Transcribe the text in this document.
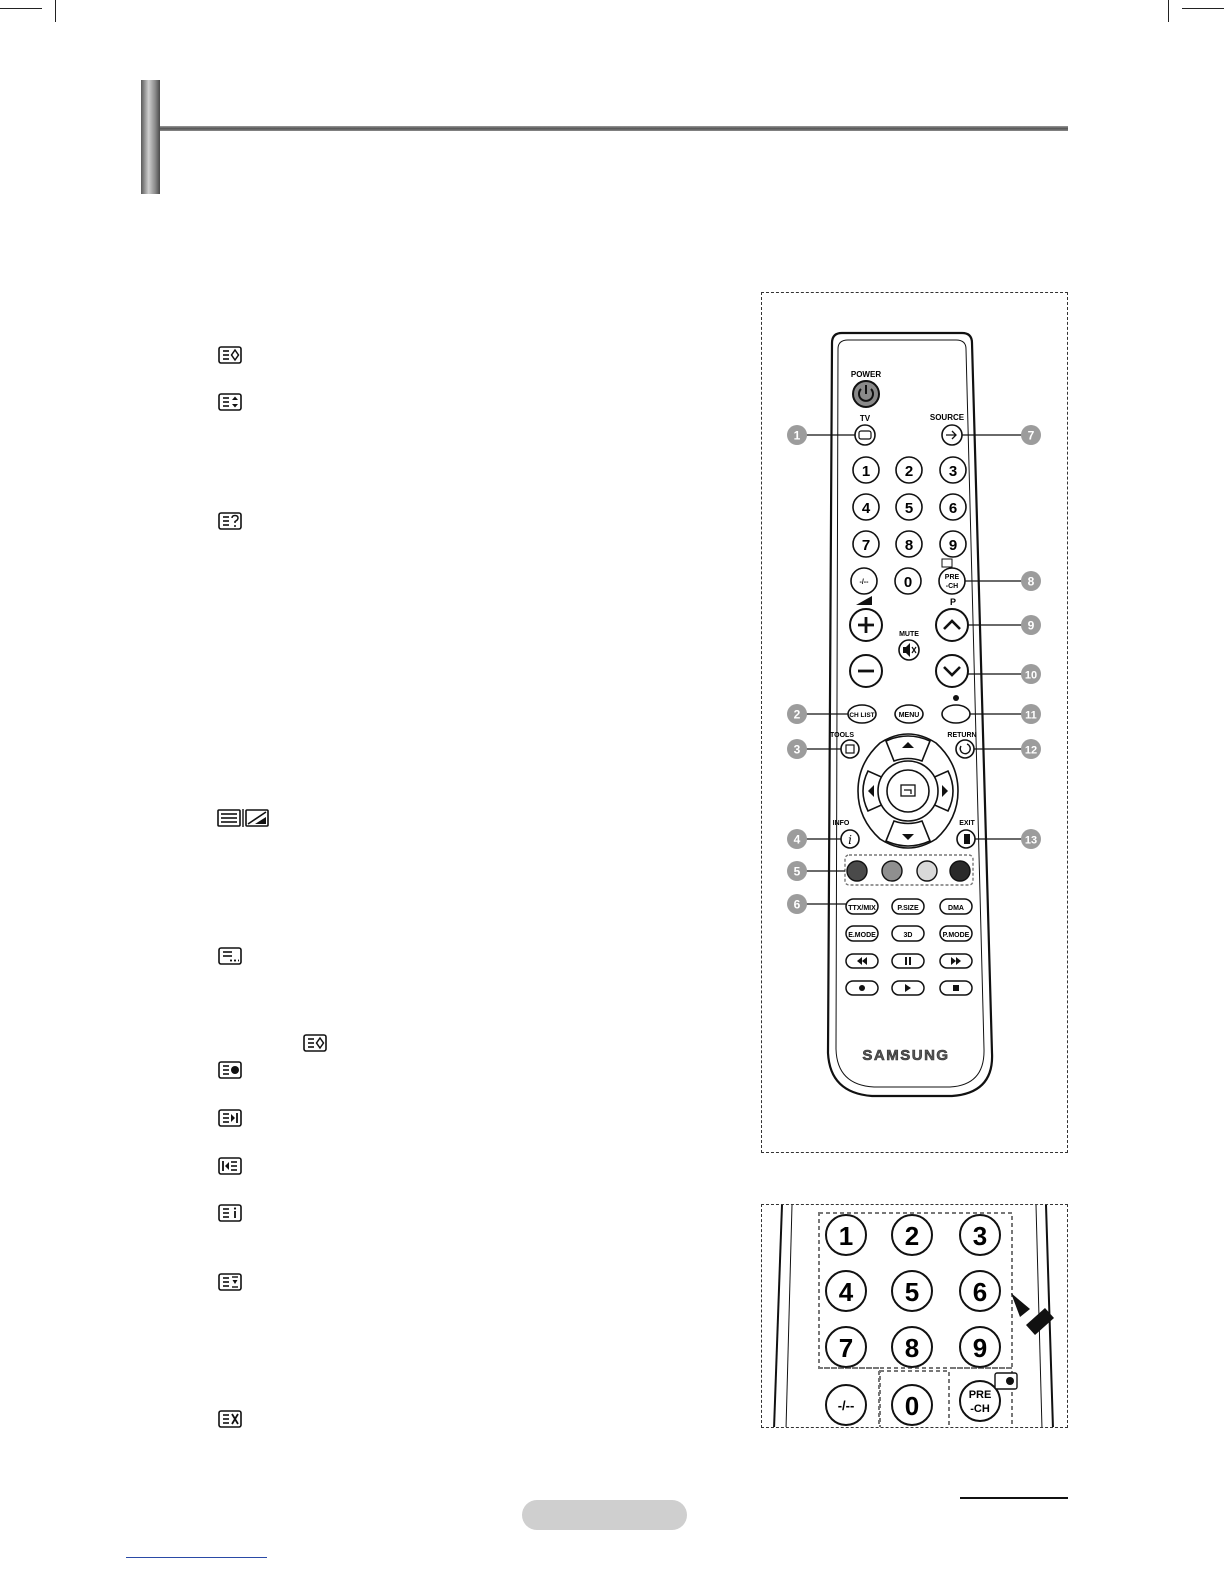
POWER
TV	SOURCE
1 2 3
4 5 6
7 8 9
-/-- 0	PRE
-CH
MUTE
P
CH LIST	MENU
TOOLS	RETURN
INFO
i
EXIT
TTX/MIX	P.SIZE	DMA
E.MODE	3D	P.MODE
SAMSUNG
1
2
3
4
5
6
7
8
9
10
11
12
13
1 2 3
4 5 6
7 8 9
-/-- 0	PRE
-CH
